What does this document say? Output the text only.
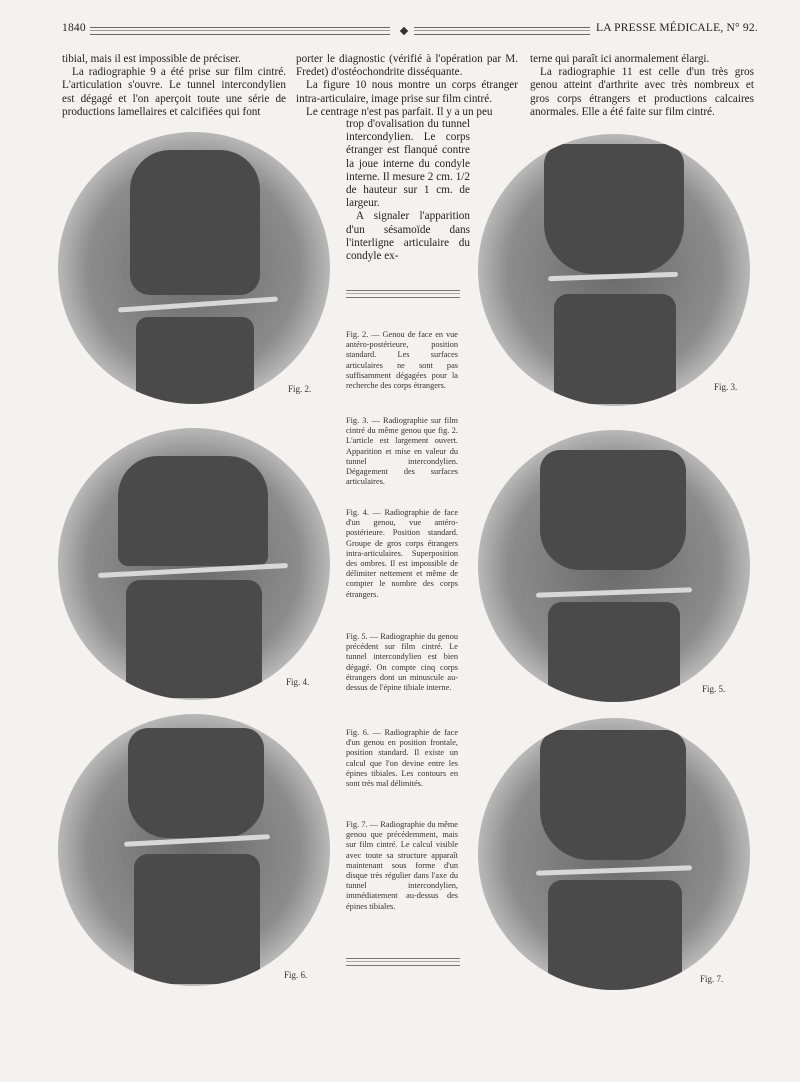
1840	LA PRESSE MÉDICALE, N° 92.

tibial, mais il est impossible de préciser.

La radiographie 9 a été prise sur film cintré. L'articulation s'ouvre. Le tunnel intercondylien est dégagé et l'on aperçoit toute une série de productions lamellaires et calcifiées qui font

porter le diagnostic (vérifié à l'opération par M. Fredet) d'ostéochondrite disséquante.

La figure 10 nous montre un corps étranger intra-articulaire, image prise sur film cintré.

Le centrage n'est pas parfait. Il y a un peu

trop d'ovalisation du tunnel intercondylien. Le corps étranger est flanqué contre la joue interne du condyle interne. Il mesure 2 cm. 1/2 de hauteur sur 1 cm. de largeur.

A signaler l'apparition d'un sésamoïde dans l'interligne articulaire du condyle ex-

terne qui paraît ici anormalement élargi.

La radiographie 11 est celle d'un très gros genou atteint d'arthrite avec très nombreux et gros corps étrangers et productions calcaires anormales. Elle a été faite sur film cintré.

Fig. 2.	Fig. 3.
Fig. 4.
Fig. 5.
Fig. 6.	Fig. 7.
Fig. 2. — Genou de face en vue antéro-postérieure, position standard. Les surfaces articulaires ne sont pas suffisamment dégagées pour la recherche des corps étrangers.
Fig. 3. — Radiographie sur film cintré du même genou que fig. 2. L'article est largement ouvert. Apparition et mise en valeur du tunnel intercondylien. Dégagement des surfaces articulaires.
Fig. 4. — Radiographie de face d'un genou, vue antéro-postérieure. Position standard. Groupe de gros corps étrangers intra-articulaires. Superposition des ombres. Il est impossible de délimiter nettement et même de compter le nombre des corps étrangers.
Fig. 5. — Radiographie du genou précédent sur film cintré. Le tunnel intercondylien est bien dégagé. On compte cinq corps étrangers dont un minuscule au-dessus de l'épine tibiale interne.
Fig. 6. — Radiographie de face d'un genou en position frontale, position standard. Il existe un calcul que l'on devine entre les épines tibiales. Les contours en sont très mal délimités.
Fig. 7. — Radiographie du même genou que précédemment, mais sur film cintré. Le calcul visible avec toute sa structure apparaît maintenant sous forme d'un disque très régulier dans l'axe du tunnel intercondylien, immédiatement au-dessus des épines tibiales.
